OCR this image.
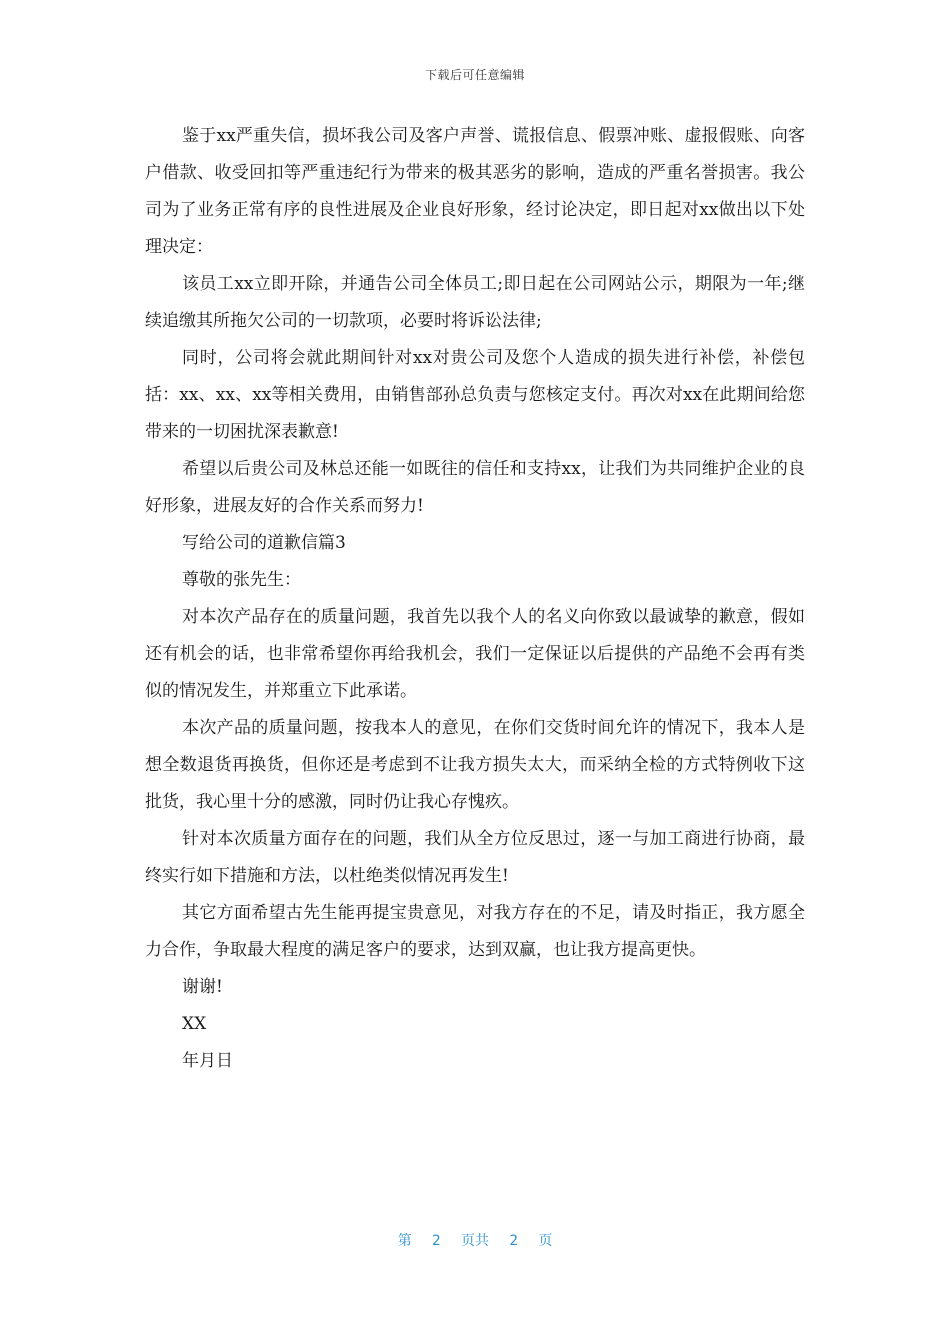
下载后可任意编辑

鉴于xx严重失信，损坏我公司及客户声誉、谎报信息、假票冲账、虚报假账、向客户借款、收受回扣等严重违纪行为带来的极其恶劣的影响，造成的严重名誉损害。我公司为了业务正常有序的良性进展及企业良好形象，经讨论决定，即日起对xx做出以下处理决定：

该员工xx立即开除，并通告公司全体员工;即日起在公司网站公示，期限为一年;继续追缴其所拖欠公司的一切款项，必要时将诉讼法律;

同时，公司将会就此期间针对xx对贵公司及您个人造成的损失进行补偿，补偿包括：xx、xx、xx等相关费用，由销售部孙总负责与您核定支付。再次对xx在此期间给您带来的一切困扰深表歉意!

希望以后贵公司及林总还能一如既往的信任和支持xx，让我们为共同维护企业的良好形象，进展友好的合作关系而努力!

写给公司的道歉信篇3

尊敬的张先生：

对本次产品存在的质量问题，我首先以我个人的名义向你致以最诚挚的歉意，假如还有机会的话，也非常希望你再给我机会，我们一定保证以后提供的产品绝不会再有类似的情况发生，并郑重立下此承诺。

本次产品的质量问题，按我本人的意见，在你们交货时间允许的情况下，我本人是想全数退货再换货，但你还是考虑到不让我方损失太大，而采纳全检的方式特例收下这批货，我心里十分的感激，同时仍让我心存愧疚。

针对本次质量方面存在的问题，我们从全方位反思过，逐一与加工商进行协商，最终实行如下措施和方法，以杜绝类似情况再发生!

其它方面希望古先生能再提宝贵意见，对我方存在的不足，请及时指正，我方愿全力合作，争取最大程度的满足客户的要求，达到双赢，也让我方提高更快。

谢谢!

XX

年月日

第 2 页共 2 页
